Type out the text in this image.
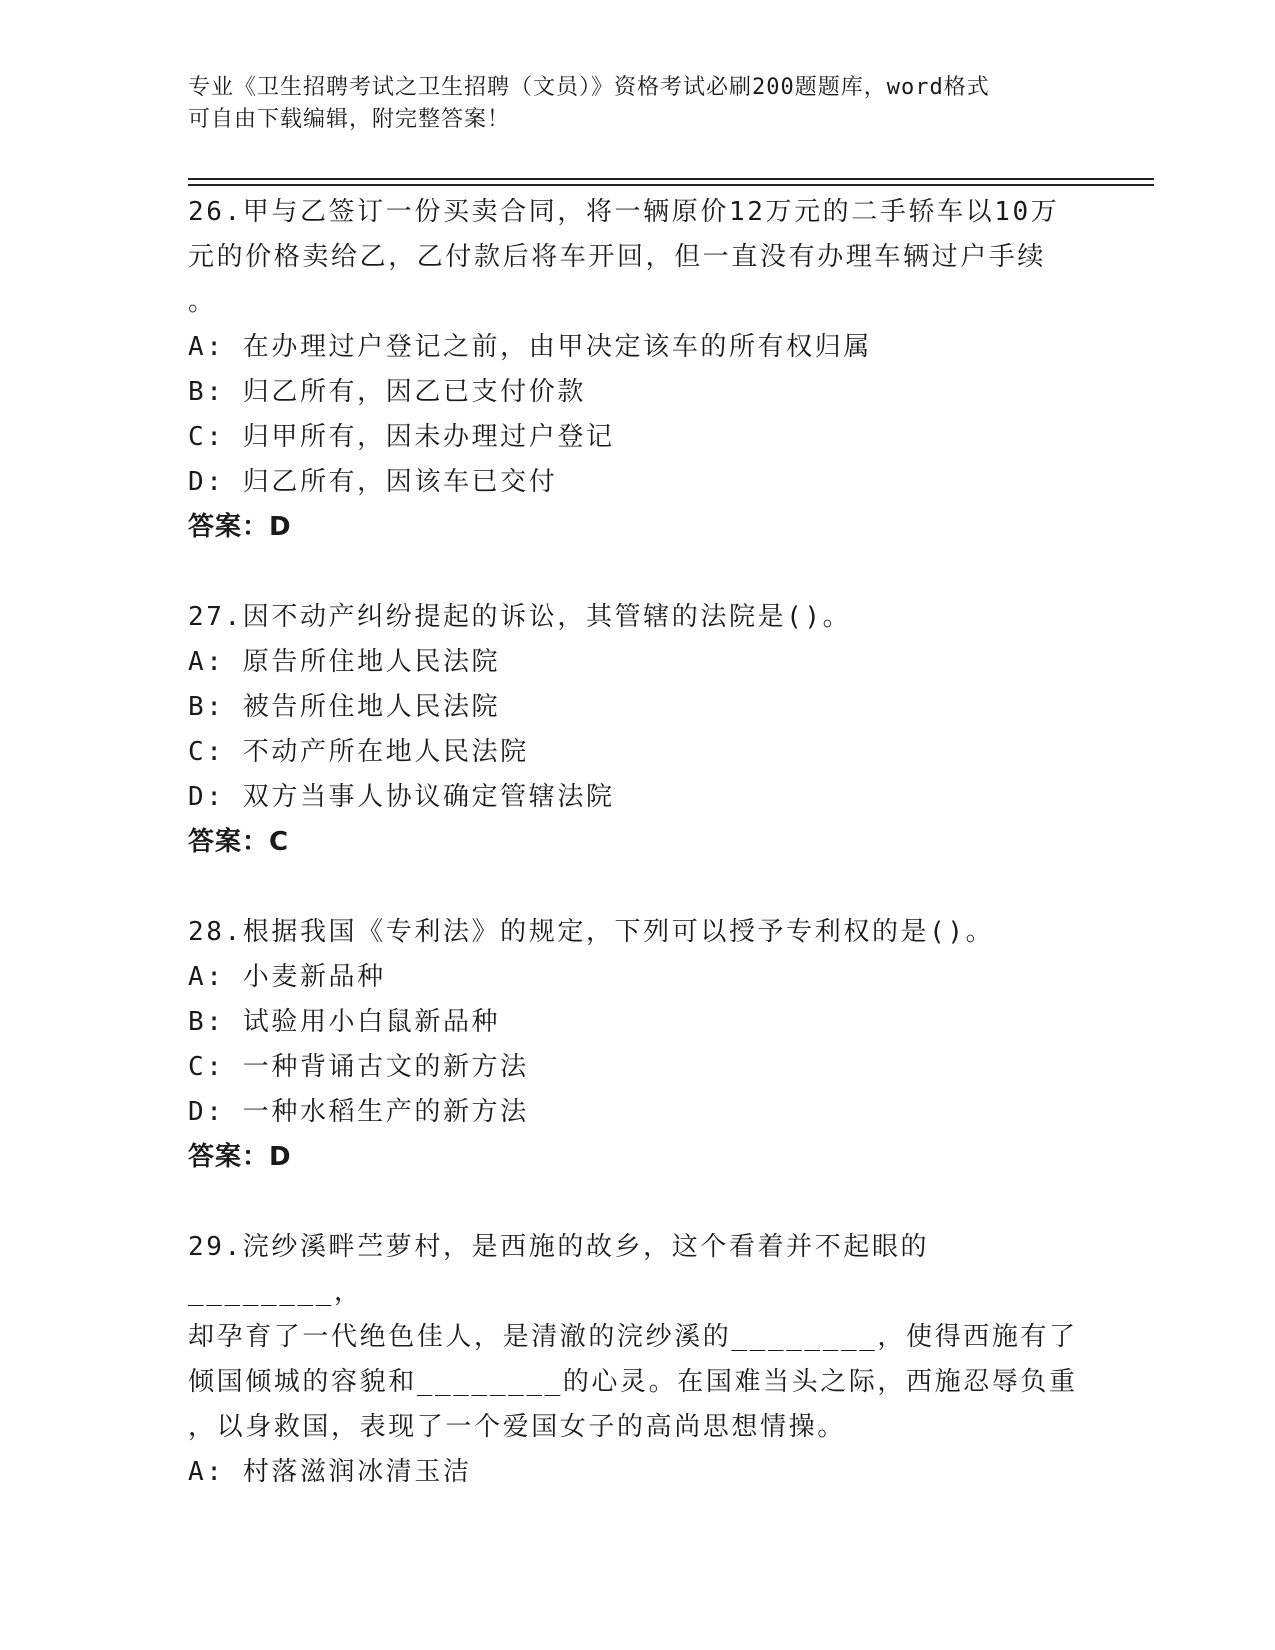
专业《卫生招聘考试之卫生招聘（文员）》资格考试必刷200题题库，word格式
可自由下载编辑，附完整答案！

26.甲与乙签订一份买卖合同，将一辆原价12万元的二手轿车以10万

元的价格卖给乙，乙付款后将车开回，但一直没有办理车辆过户手续

。

A: 在办理过户登记之前，由甲决定该车的所有权归属

B: 归乙所有，因乙已支付价款

C: 归甲所有，因未办理过户登记

D: 归乙所有，因该车已交付

答案：D

27.因不动产纠纷提起的诉讼，其管辖的法院是()。

A: 原告所住地人民法院

B: 被告所住地人民法院

C: 不动产所在地人民法院

D: 双方当事人协议确定管辖法院

答案：C

28.根据我国《专利法》的规定，下列可以授予专利权的是()。

A: 小麦新品种

B: 试验用小白鼠新品种

C: 一种背诵古文的新方法

D: 一种水稻生产的新方法

答案：D

29.浣纱溪畔苎萝村，是西施的故乡，这个看着并不起眼的________，

却孕育了一代绝色佳人，是清澈的浣纱溪的________，使得西施有了

倾国倾城的容貌和________的心灵。在国难当头之际，西施忍辱负重

，以身救国，表现了一个爱国女子的高尚思想情操。

A: 村落滋润冰清玉洁
